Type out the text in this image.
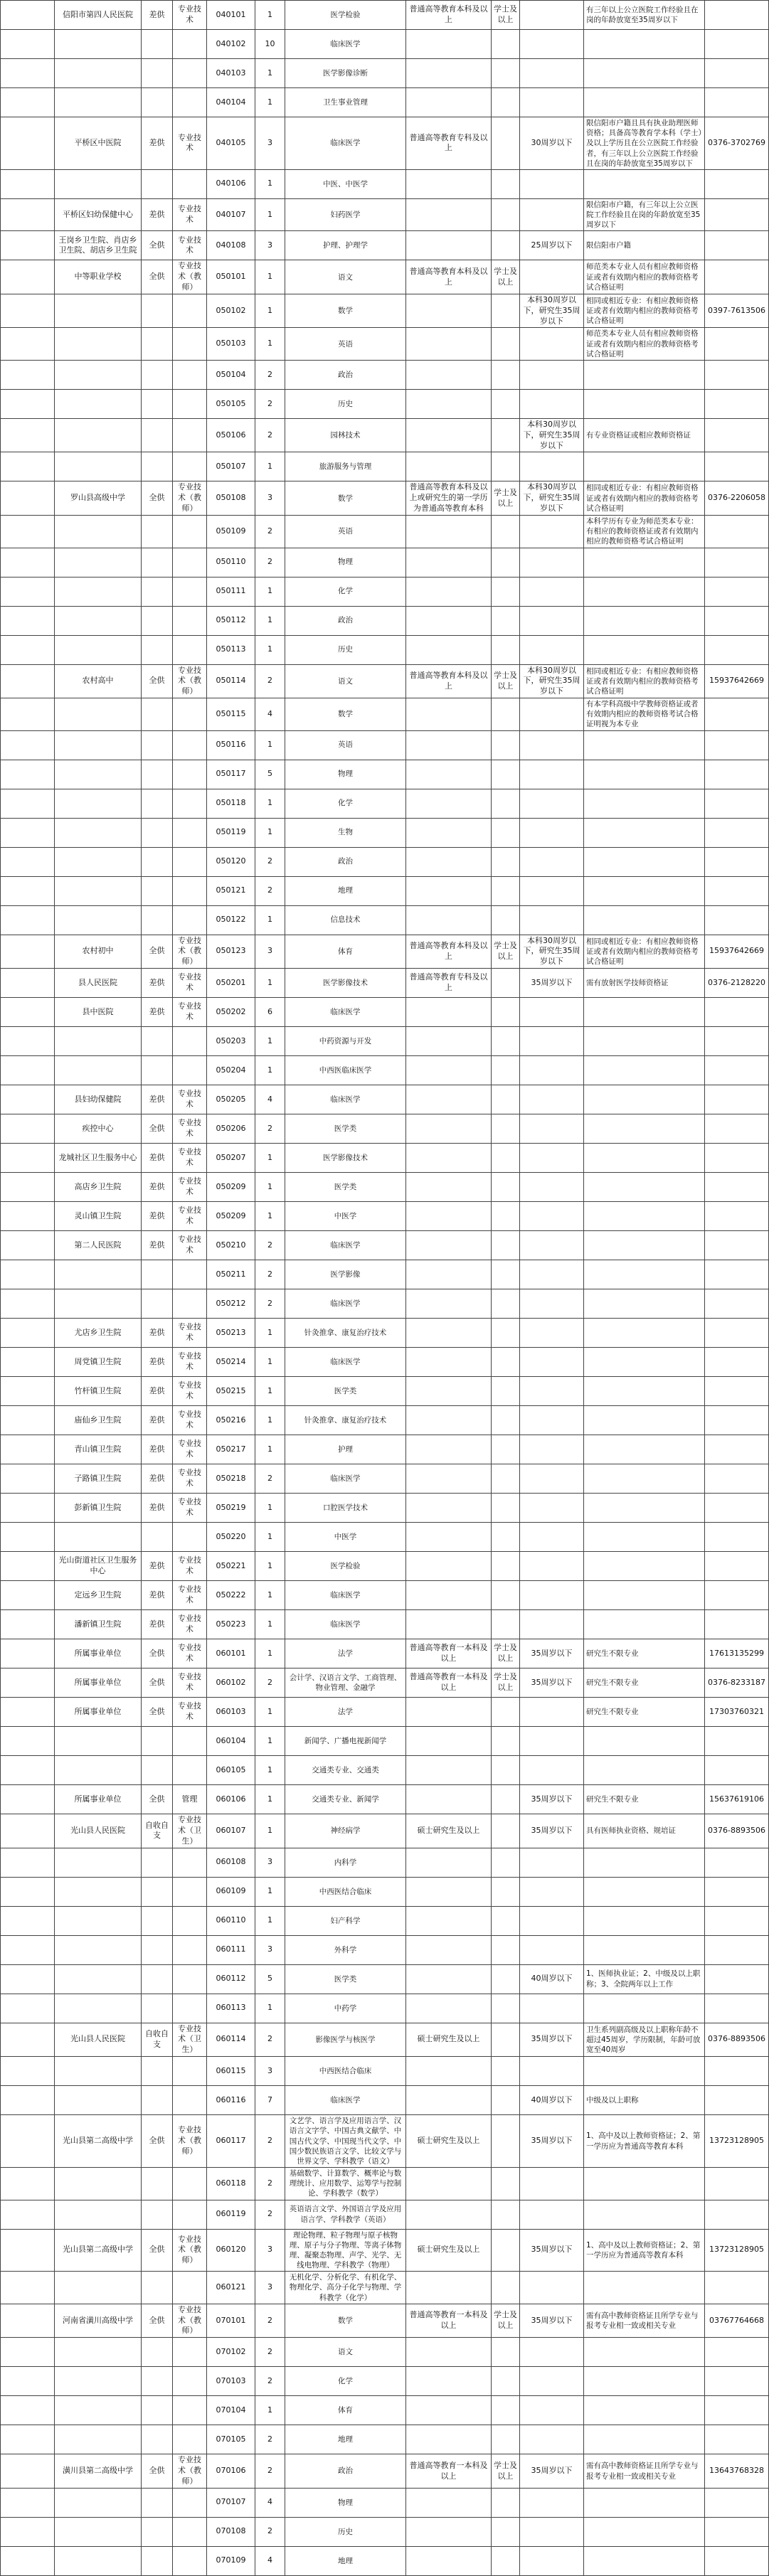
	信阳市第四人民医院	差供	专业技术	040101	1	医学检验	普通高等教育本科及以上	学士及以上		有三年以上公立医院工作经验且在岗的年龄放宽至35周岁以下	
				040102	10	临床医学					
				040103	1	医学影像诊断					
				040104	1	卫生事业管理					
	平桥区中医院	差供	专业技术	040105	3	临床医学	普通高等教育专科及以上		30周岁以下	限信阳市户籍且具有执业助理医师资格；具备高等教育学本科（学士）及以上学历且在公立医院工作经验者，有三年以上公立医院工作经验且在岗的年龄放宽至35周岁以下	0376-3702769
				040106	1	中医、中医学					
	平桥区妇幼保健中心	差供	专业技术	040107	1	妇药医学				限信阳市户籍，有三年以上公立医院工作经验且在岗的年龄放宽至35周岁以下	
	王岗乡卫生院、肖店乡卫生院、胡店乡卫生院	全供	专业技术	040108	3	护理、护理学			25周岁以下	限信阳市户籍	
	中等职业学校	全供	专业技术（教师）	050101	1	语文	普通高等教育本科及以上	学士及以上		师范类本专业人员有相应教师资格证或者有效期内相应的教师资格考试合格证明	
				050102	1	数学			本科30周岁以下，研究生35周岁以下	相同或相近专业：有相应教师资格证或者有效期内相应的教师资格考试合格证明	0397-7613506
				050103	1	英语				师范类本专业人员有相应教师资格证或者有效期内相应的教师资格考试合格证明	
				050104	2	政治					
				050105	2	历史					
				050106	2	园林技术			本科30周岁以下，研究生35周岁以下	有专业资格证或相应教师资格证	
				050107	1	旅游服务与管理					
	罗山县高级中学	全供	专业技术（教师）	050108	3	数学	普通高等教育本科及以上或研究生的第一学历为普通高等教育本科	学士及以上	本科30周岁以下，研究生35周岁以下	相同或相近专业：有相应教师资格证或者有效期内相应的教师资格考试合格证明	0376-2206058
				050109	2	英语				本科学历有专业为师范类本专业：有相应的教师资格证或者有效期内相应的教师资格考试合格证明	
				050110	2	物理					
				050111	1	化学					
				050112	1	政治					
				050113	1	历史					
	农村高中	全供	专业技术（教师）	050114	2	语文	普通高等教育本科及以上	学士及以上	本科30周岁以下，研究生35周岁以下	相同或相近专业：有相应教师资格证或者有效期内相应的教师资格考试合格证明	15937642669
				050115	4	数学				有本学科高级中学教师资格证或者有效期内相应的教师资格考试合格证明视为本专业	
				050116	1	英语					
				050117	5	物理					
				050118	1	化学					
				050119	1	生物					
				050120	2	政治					
				050121	2	地理					
				050122	1	信息技术					
	农村初中	全供	专业技术（教师）	050123	3	体育	普通高等教育本科及以上	学士及以上	本科30周岁以下，研究生35周岁以下	相同或相近专业：有相应教师资格证或者有效期内相应的教师资格考试合格证明	15937642669
	县人民医院	差供	专业技术	050201	1	医学影像技术	普通高等教育专科及以上		35周岁以下	需有放射医学技师资格证	0376-2128220
	县中医院	差供	专业技术	050202	6	临床医学					
				050203	1	中药资源与开发					
				050204	1	中西医临床医学					
	县妇幼保健院	差供	专业技术	050205	4	临床医学					
	疾控中心	全供	专业技术	050206	2	医学类					
	龙城社区卫生服务中心	差供	专业技术	050207	1	医学影像技术					
	高店乡卫生院	差供	专业技术	050209	1	医学类					
	灵山镇卫生院	差供	专业技术	050209	1	中医学					
	第二人民医院	差供	专业技术	050210	2	临床医学					
				050211	2	医学影像					
				050212	2	临床医学					
	尤店乡卫生院	差供	专业技术	050213	1	针灸推拿、康复治疗技术					
	周党镇卫生院	差供	专业技术	050214	1	临床医学					
	竹杆镇卫生院	差供	专业技术	050215	1	医学类					
	庙仙乡卫生院	差供	专业技术	050216	1	针灸推拿、康复治疗技术					
	青山镇卫生院	差供	专业技术	050217	1	护理					
	子路镇卫生院	差供	专业技术	050218	2	临床医学					
	彭新镇卫生院	差供	专业技术	050219	1	口腔医学技术					
				050220	1	中医学					
	光山街道社区卫生服务中心	差供	专业技术	050221	1	医学检验					
	定远乡卫生院	差供	专业技术	050222	1	临床医学					
	潘新镇卫生院	差供	专业技术	050223	1	临床医学					
	所属事业单位	全供	专业技术	060101	1	法学	普通高等教育一本科及以上	学士及以上	35周岁以下	研究生不限专业	17613135299
	所属事业单位	全供	专业技术	060102	2	会计学、汉语言文学、工商管理、物业管理、金融学	普通高等教育一本科及以上	学士及以上	35周岁以下	研究生不限专业	0376-8233187
	所属事业单位	全供	专业技术	060103	1	法学				研究生不限专业	17303760321
				060104	1	新闻学、广播电视新闻学					
				060105	1	交通类专业、交通类					
	所属事业单位	全供	管理	060106	1	交通类专业、新闻学			35周岁以下	研究生不限专业	15637619106
	光山县人民医院	自收自支	专业技术（卫生）	060107	1	神经病学	硕士研究生及以上		35周岁以下	具有医师执业资格、规培证	0376-8893506
				060108	3	内科学					
				060109	1	中西医结合临床					
				060110	1	妇产科学					
				060111	3	外科学					
				060112	5	医学类			40周岁以下	1、医师执业证；2、中级及以上职称；3、全院两年以上工作	
				060113	1	中药学					
	光山县人民医院	自收自支	专业技术（卫生）	060114	2	影像医学与核医学	硕士研究生及以上		35周岁以下	卫生系列副高级及以上职称年龄不超过45周岁，学历限制，年龄可放宽至40周岁	0376-8893506
				060115	3	中西医结合临床					
				060116	7	临床医学			40周岁以下	中级及以上职称	
	光山县第二高级中学	全供	专业技术（教师）	060117	2	文艺学、语言学及应用语言学、汉语言文字学、中国古典文献学、中国古代文学、中国现当代文学、中国少数民族语言文学、比较文学与世界文学、学科教学（语文）	硕士研究生及以上		35周岁以下	1、高中及以上教师资格证；2、第一学历应为普通高等教育本科	13723128905
				060118	2	基础数学、计算数学、概率论与数理统计、应用数学、运筹学与控制论、学科教学（数学）					
				060119	2	英语语言文学、外国语言学及应用语言学、学科教学（英语）					
	光山县第二高级中学	全供	专业技术（教师）	060120	3	理论物理、粒子物理与原子核物理、原子与分子物理、等离子体物理、凝聚态物理、声学、光学、无线电物理、学科教学（物理）	硕士研究生及以上		35周岁以下	1、高中及以上教师资格证；2、第一学历应为普通高等教育本科	13723128905
				060121	3	无机化学、分析化学、有机化学、物理化学、高分子化学与物理、学科教学（化学）					
	河南省潢川高级中学	全供	专业技术（教师）	070101	2	数学	普通高等教育一本科及以上	学士及以上	35周岁以下	需有高中教师资格证且所学专业与报考专业相一致或相关专业	03767764668
				070102	2	语文					
				070103	2	化学					
				070104	1	体育					
				070105	2	地理					
	潢川县第二高级中学	全供	专业技术（教师）	070106	2	政治	普通高等教育一本科及以上	学士及以上	35周岁以下	需有高中教师资格证且所学专业与报考专业相一致或相关专业	13643768328
				070107	4	物理					
				070108	2	历史					
				070109	4	地理					
